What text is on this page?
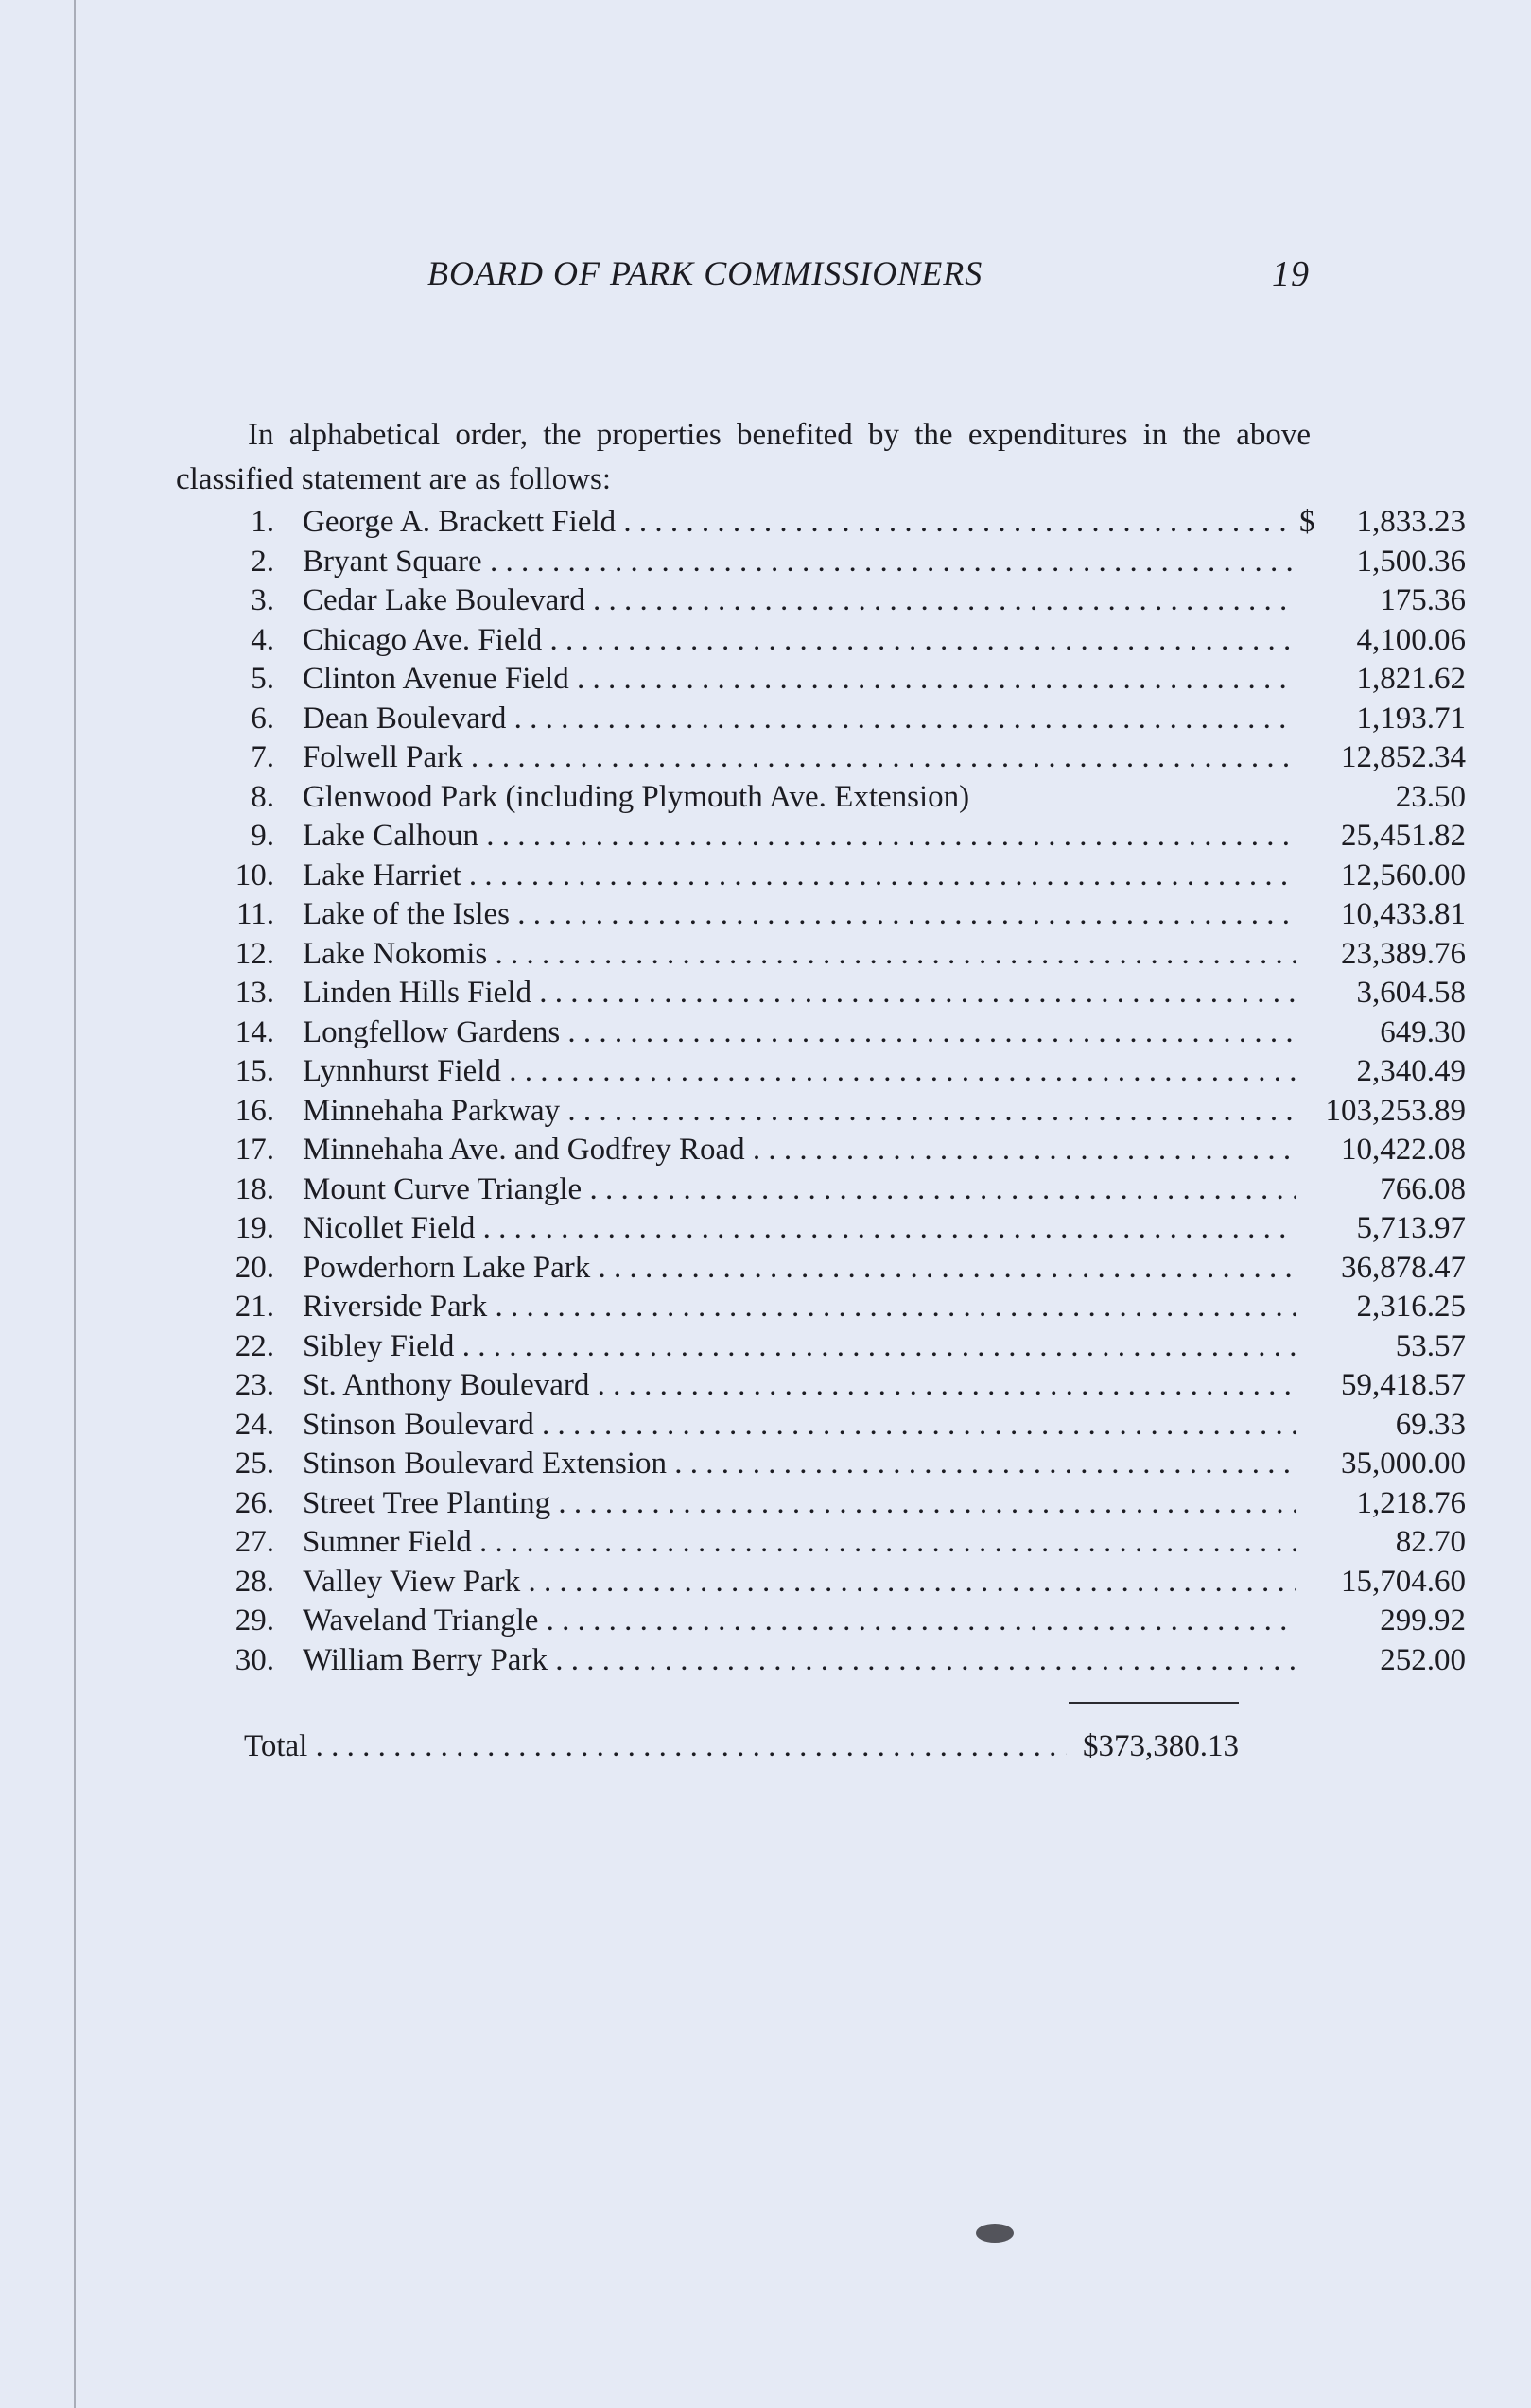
BOARD OF PARK COMMISSIONERS	19

In alphabetical order, the properties benefited by the expenditures in the above classified statement are as follows:

1. George A. Brackett Field . . .	$	1,833.23
2. Bryant Square . . .	1,500.36
3. Cedar Lake Boulevard . . .	175.36
4. Chicago Ave. Field . . .	4,100.06
5. Clinton Avenue Field . . .	1,821.62
6. Dean Boulevard . . .	1,193.71
7. Folwell Park . . .	12,852.34
8. Glenwood Park (including Plymouth Ave. Extension)	23.50
9. Lake Calhoun . . .	25,451.82
10. Lake Harriet . . .	12,560.00
11. Lake of the Isles . . .	10,433.81
12. Lake Nokomis . . .	23,389.76
13. Linden Hills Field . . .	3,604.58
14. Longfellow Gardens . . .	649.30
15. Lynnhurst Field . . .	2,340.49
16. Minnehaha Parkway . . .	103,253.89
17. Minnehaha Ave. and Godfrey Road . . .	10,422.08
18. Mount Curve Triangle . . .	766.08
19. Nicollet Field . . .	5,713.97
20. Powderhorn Lake Park . . .	36,878.47
21. Riverside Park . . .	2,316.25
22. Sibley Field . . .	53.57
23. St. Anthony Boulevard . . .	59,418.57
24. Stinson Boulevard . . .	69.33
25. Stinson Boulevard Extension . . .	35,000.00
26. Street Tree Planting . . .	1,218.76
27. Sumner Field . . .	82.70
28. Valley View Park . . .	15,704.60
29. Waveland Triangle . . .	299.92
30. William Berry Park . . .	252.00
Total . . .	$373,380.13
